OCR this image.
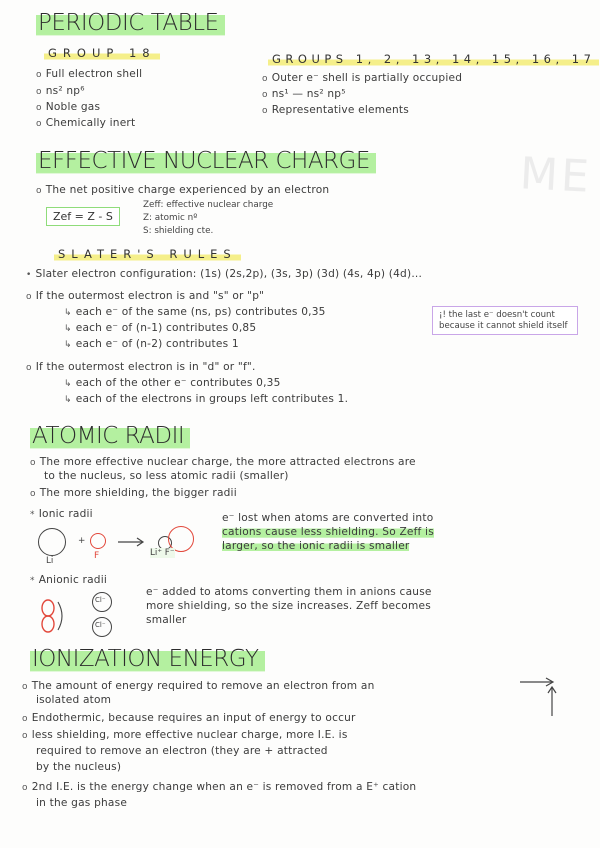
ME
PERIODIC TABLE
GROUP 18
o Full electron shell
o ns² np⁶
o Noble gas
o Chemically inert
GROUPS 1, 2, 13, 14, 15, 16, 17
o Outer e⁻ shell is partially occupied
o ns¹ — ns² np⁵
o Representative elements
EFFECTIVE NUCLEAR CHARGE
o The net positive charge experienced by an electron
Zef = Z - S
Zeff: effective nuclear charge
Z: atomic nº
S: shielding cte.
SLATER'S RULES
• Slater electron configuration: (1s) (2s,2p), (3s, 3p) (3d) (4s, 4p) (4d)...
o If the outermost electron is and "s" or "p"
↳ each e⁻ of the same (ns, ps) contributes 0,35
↳ each e⁻ of (n-1) contributes 0,85
↳ each e⁻ of (n-2) contributes 1
¡! the last e⁻ doesn't count because it cannot shield itself
o If the outermost electron is in "d" or "f".
↳ each of the other e⁻ contributes 0,35
↳ each of the electrons in groups left contributes 1.
ATOMIC RADII
o The more effective nuclear charge, the more attracted electrons are
to the nucleus, so less atomic radii (smaller)
o The more shielding, the bigger radii
* Ionic radii
Li
+
F	Li⁺ F⁻
e⁻ lost when atoms are converted into
cations cause less shielding. So Zeff is
larger, so the ionic radii is smaller
* Anionic radii
Cl⁻
Cl⁻
e⁻ added to atoms converting them in anions cause
more shielding, so the size increases. Zeff becomes
smaller
IONIZATION ENERGY
o The amount of energy required to remove an electron from an
isolated atom
o Endothermic, because requires an input of energy to occur
o less shielding, more effective nuclear charge, more I.E. is
required to remove an electron (they are + attracted
by the nucleus)
o 2nd I.E. is the energy change when an e⁻ is removed from a E⁺ cation
in the gas phase
